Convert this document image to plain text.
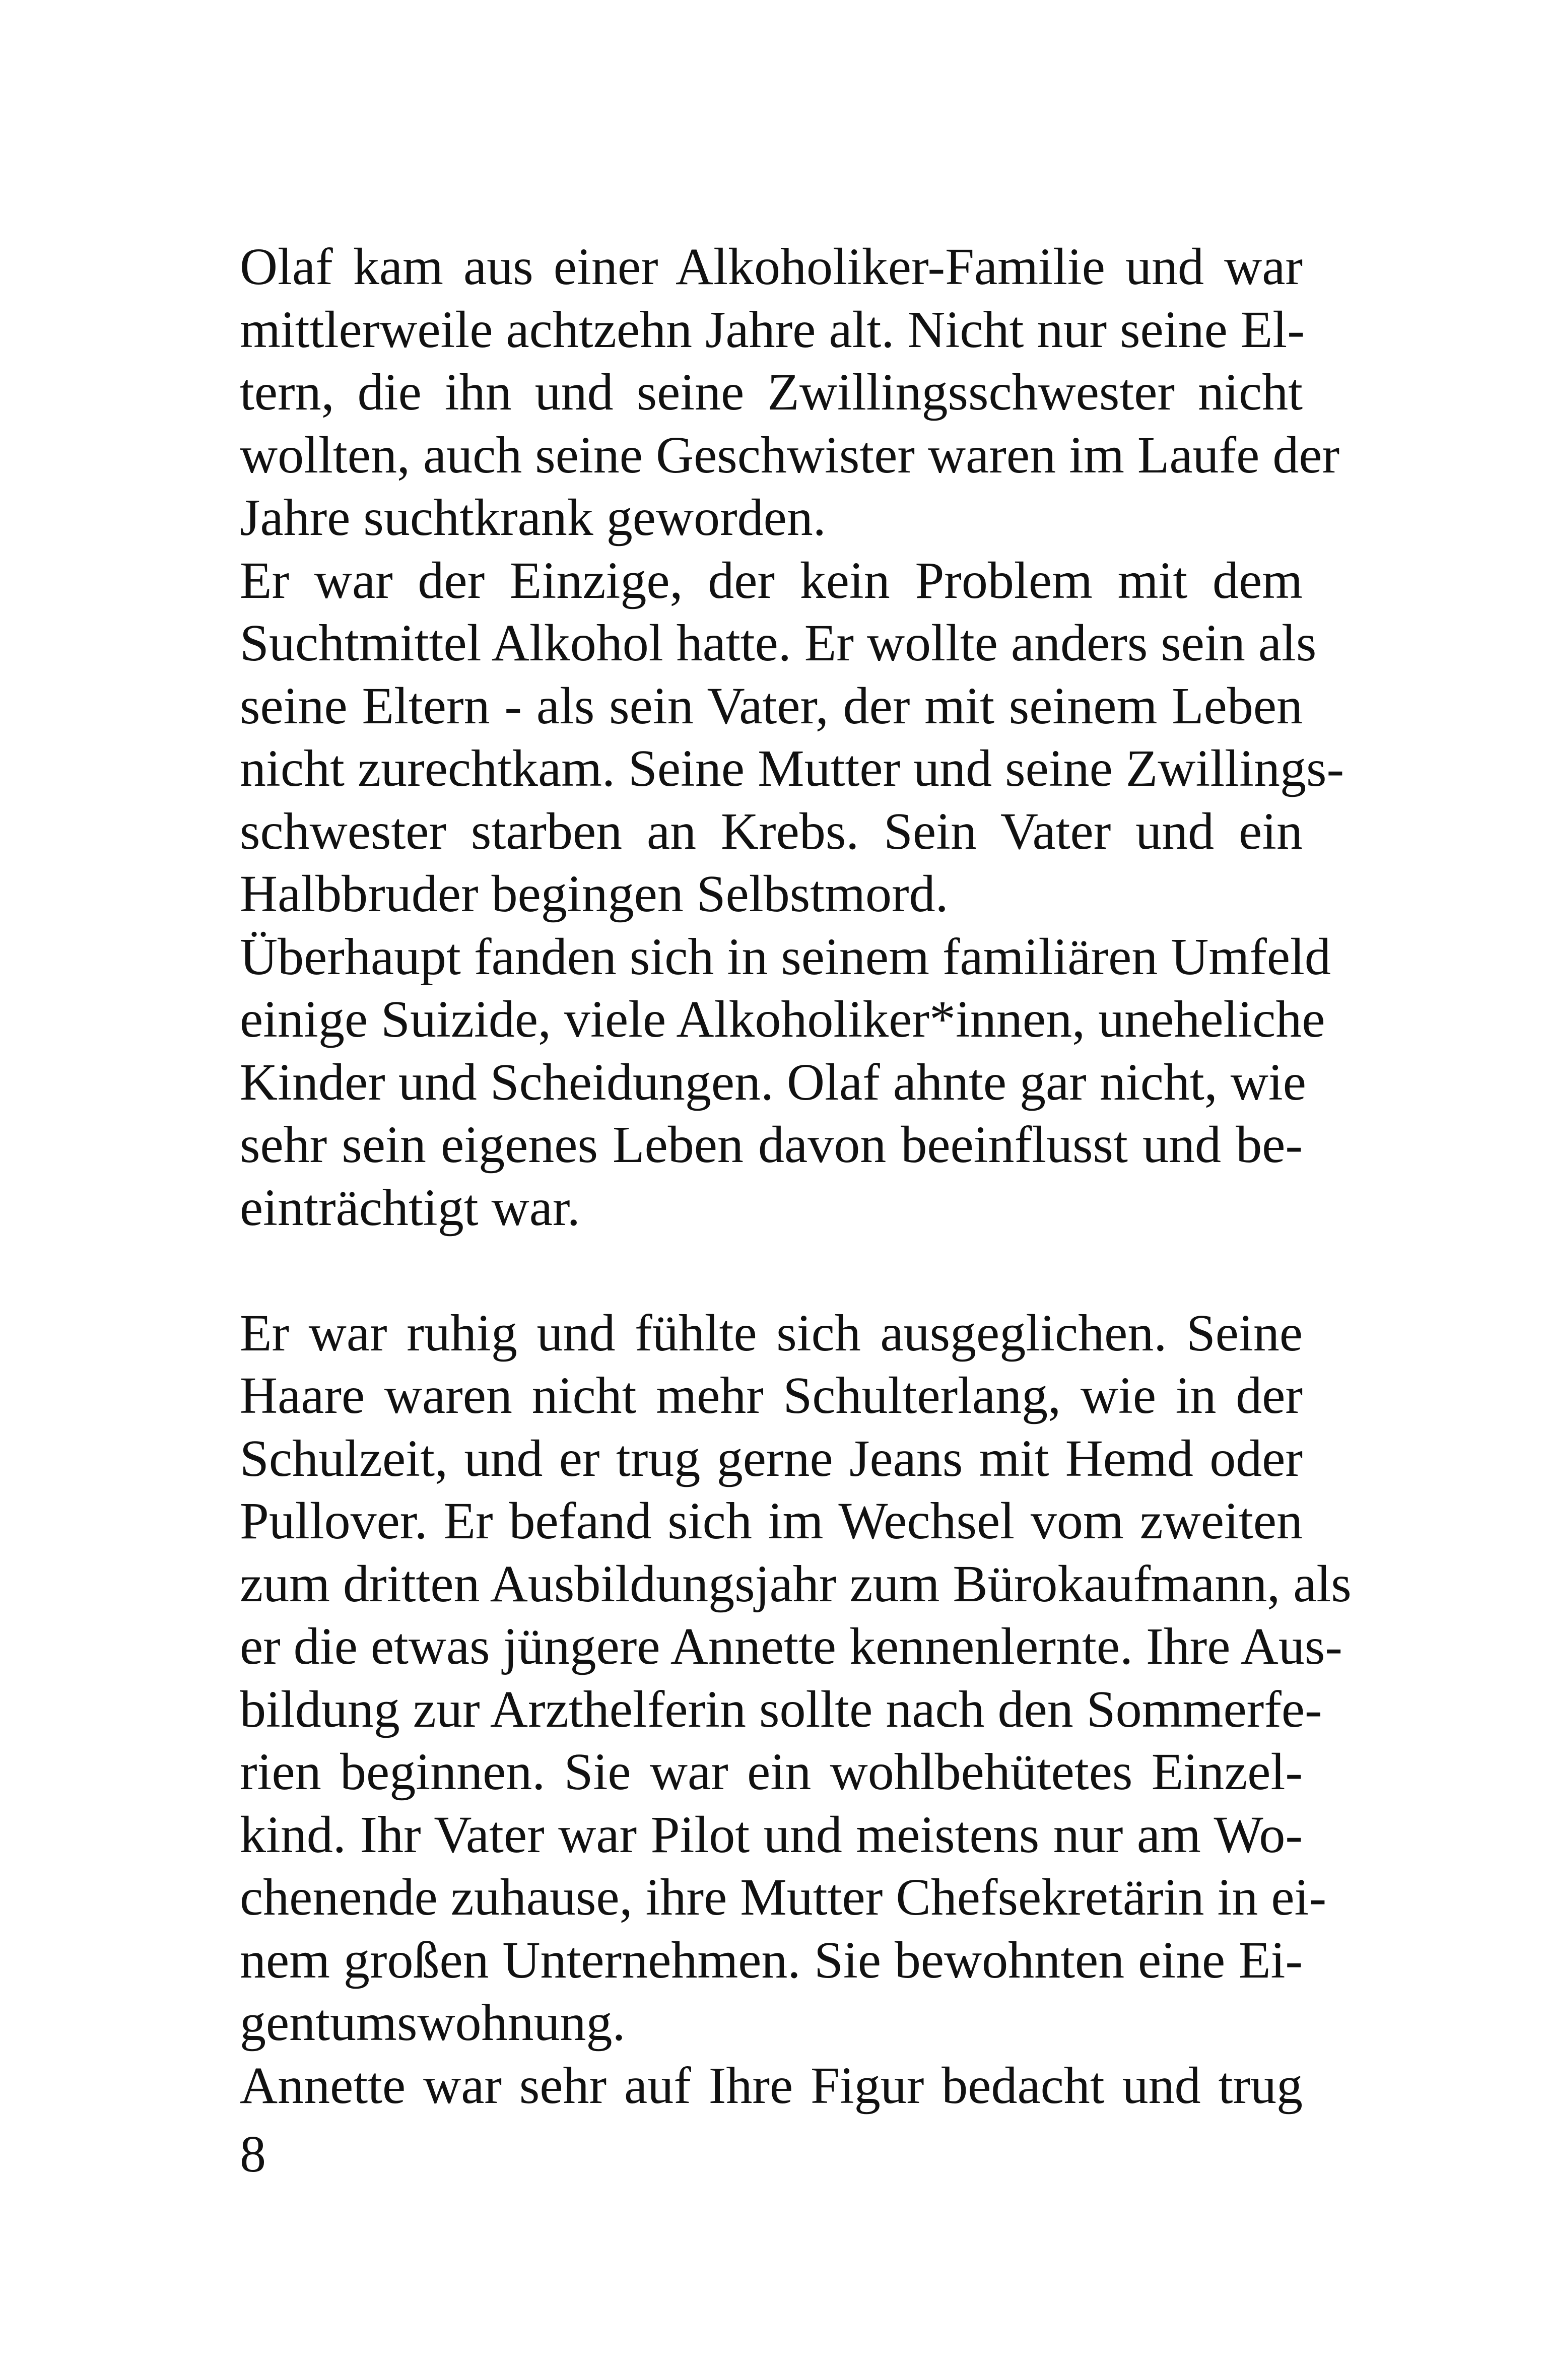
Olaf kam aus einer Alkoholiker-Familie und war
mittlerweile achtzehn Jahre alt. Nicht nur seine El-
tern, die ihn und seine Zwillingsschwester nicht
wollten, auch seine Geschwister waren im Laufe der
Jahre suchtkrank geworden.
Er war der Einzige, der kein Problem mit dem
Suchtmittel Alkohol hatte. Er wollte anders sein als
seine Eltern - als sein Vater, der mit seinem Leben
nicht zurechtkam. Seine Mutter und seine Zwillings-
schwester starben an Krebs. Sein Vater und ein
Halbbruder begingen Selbstmord.
Überhaupt fanden sich in seinem familiären Umfeld
einige Suizide, viele Alkoholiker*innen, uneheliche
Kinder und Scheidungen. Olaf ahnte gar nicht, wie
sehr sein eigenes Leben davon beeinflusst und be-
einträchtigt war.
Er war ruhig und fühlte sich ausgeglichen. Seine
Haare waren nicht mehr Schulterlang, wie in der
Schulzeit, und er trug gerne Jeans mit Hemd oder
Pullover. Er befand sich im Wechsel vom zweiten
zum dritten Ausbildungsjahr zum Bürokaufmann, als
er die etwas jüngere Annette kennenlernte. Ihre Aus-
bildung zur Arzthelferin sollte nach den Sommerfe-
rien beginnen. Sie war ein wohlbehütetes Einzel-
kind. Ihr Vater war Pilot und meistens nur am Wo-
chenende zuhause, ihre Mutter Chefsekretärin in ei-
nem großen Unternehmen. Sie bewohnten eine Ei-
gentumswohnung.
Annette war sehr auf Ihre Figur bedacht und trug
8
